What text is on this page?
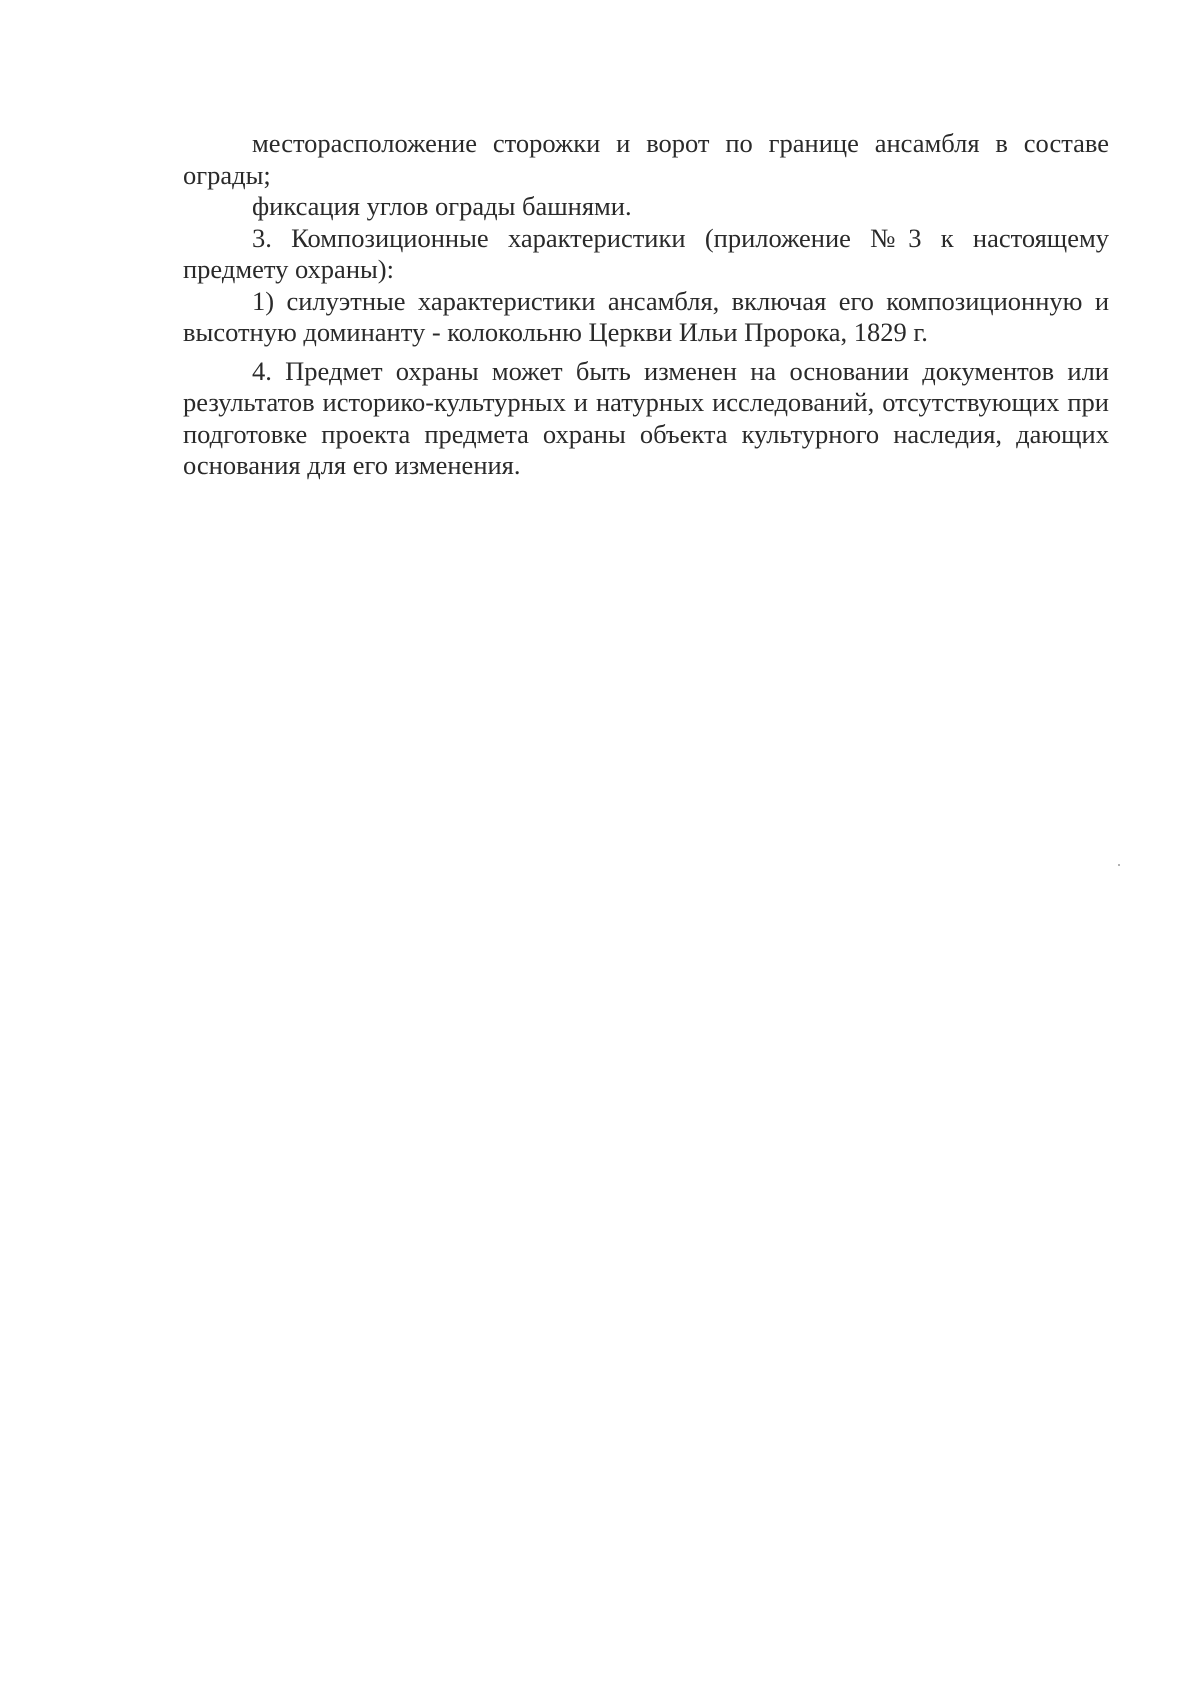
месторасположение сторожки и ворот по границе ансамбля в составе ограды;

фиксация углов ограды башнями.

3. Композиционные характеристики (приложение №3 к настоящему предмету охраны):

1) силуэтные характеристики ансамбля, включая его композиционную и высотную доминанту - колокольню Церкви Ильи Пророка, 1829 г.

4. Предмет охраны может быть изменен на основании документов или результатов историко-культурных и натурных исследований, отсутствующих при подготовке проекта предмета охраны объекта культурного наследия, дающих основания для его изменения.
